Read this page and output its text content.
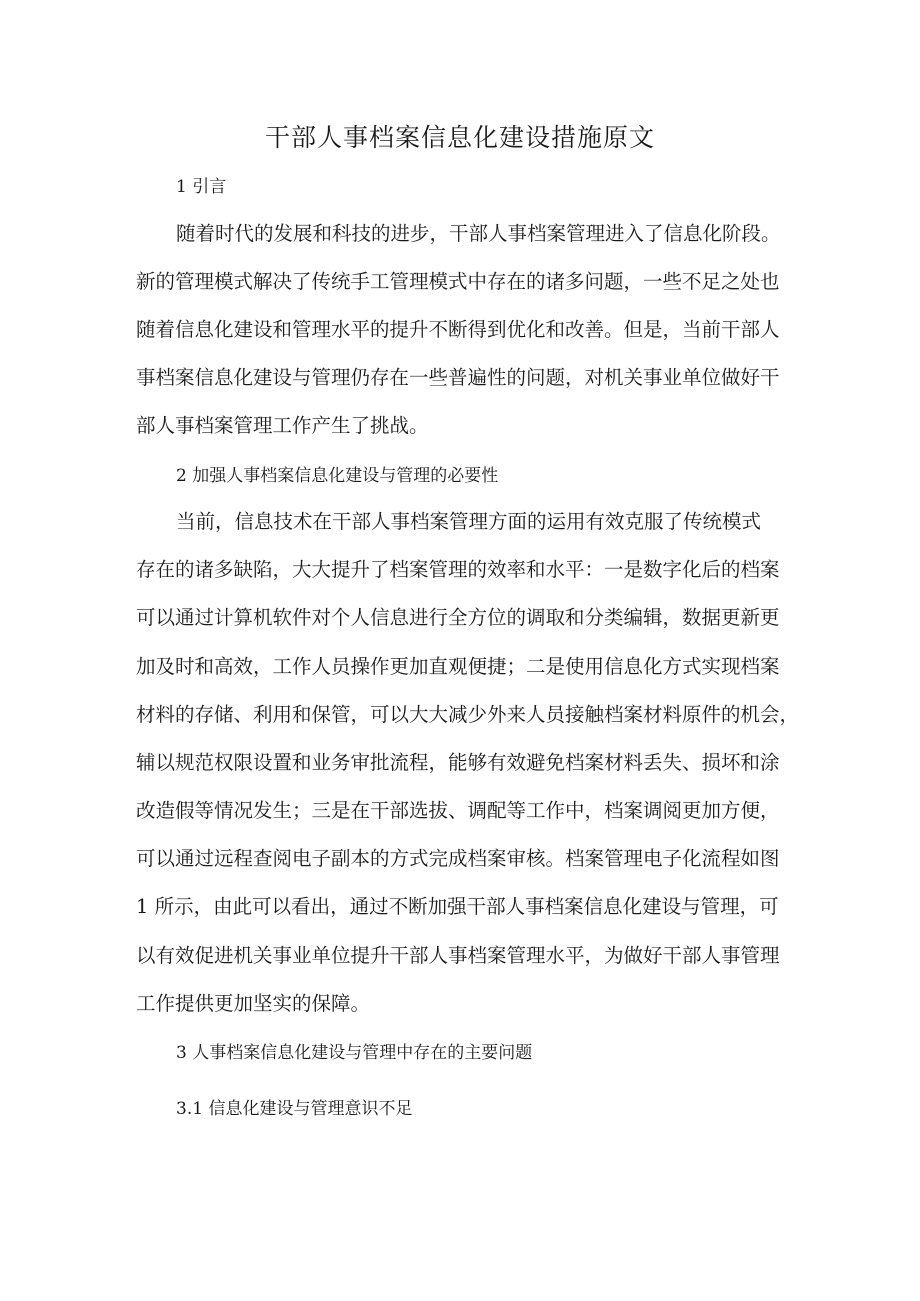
干部人事档案信息化建设措施原文
1 引言
随着时代的发展和科技的进步，干部人事档案管理进入了信息化阶段。
新的管理模式解决了传统手工管理模式中存在的诸多问题，一些不足之处也
随着信息化建设和管理水平的提升不断得到优化和改善。但是，当前干部人
事档案信息化建设与管理仍存在一些普遍性的问题，对机关事业单位做好干
部人事档案管理工作产生了挑战。
2 加强人事档案信息化建设与管理的必要性
当前，信息技术在干部人事档案管理方面的运用有效克服了传统模式
存在的诸多缺陷，大大提升了档案管理的效率和水平：一是数字化后的档案
可以通过计算机软件对个人信息进行全方位的调取和分类编辑，数据更新更
加及时和高效，工作人员操作更加直观便捷；二是使用信息化方式实现档案
材料的存储、利用和保管，可以大大减少外来人员接触档案材料原件的机会，
辅以规范权限设置和业务审批流程，能够有效避免档案材料丢失、损坏和涂
改造假等情况发生；三是在干部选拔、调配等工作中，档案调阅更加方便，
可以通过远程查阅电子副本的方式完成档案审核。档案管理电子化流程如图
1 所示，由此可以看出，通过不断加强干部人事档案信息化建设与管理，可
以有效促进机关事业单位提升干部人事档案管理水平，为做好干部人事管理
工作提供更加坚实的保障。
3 人事档案信息化建设与管理中存在的主要问题
3.1 信息化建设与管理意识不足
